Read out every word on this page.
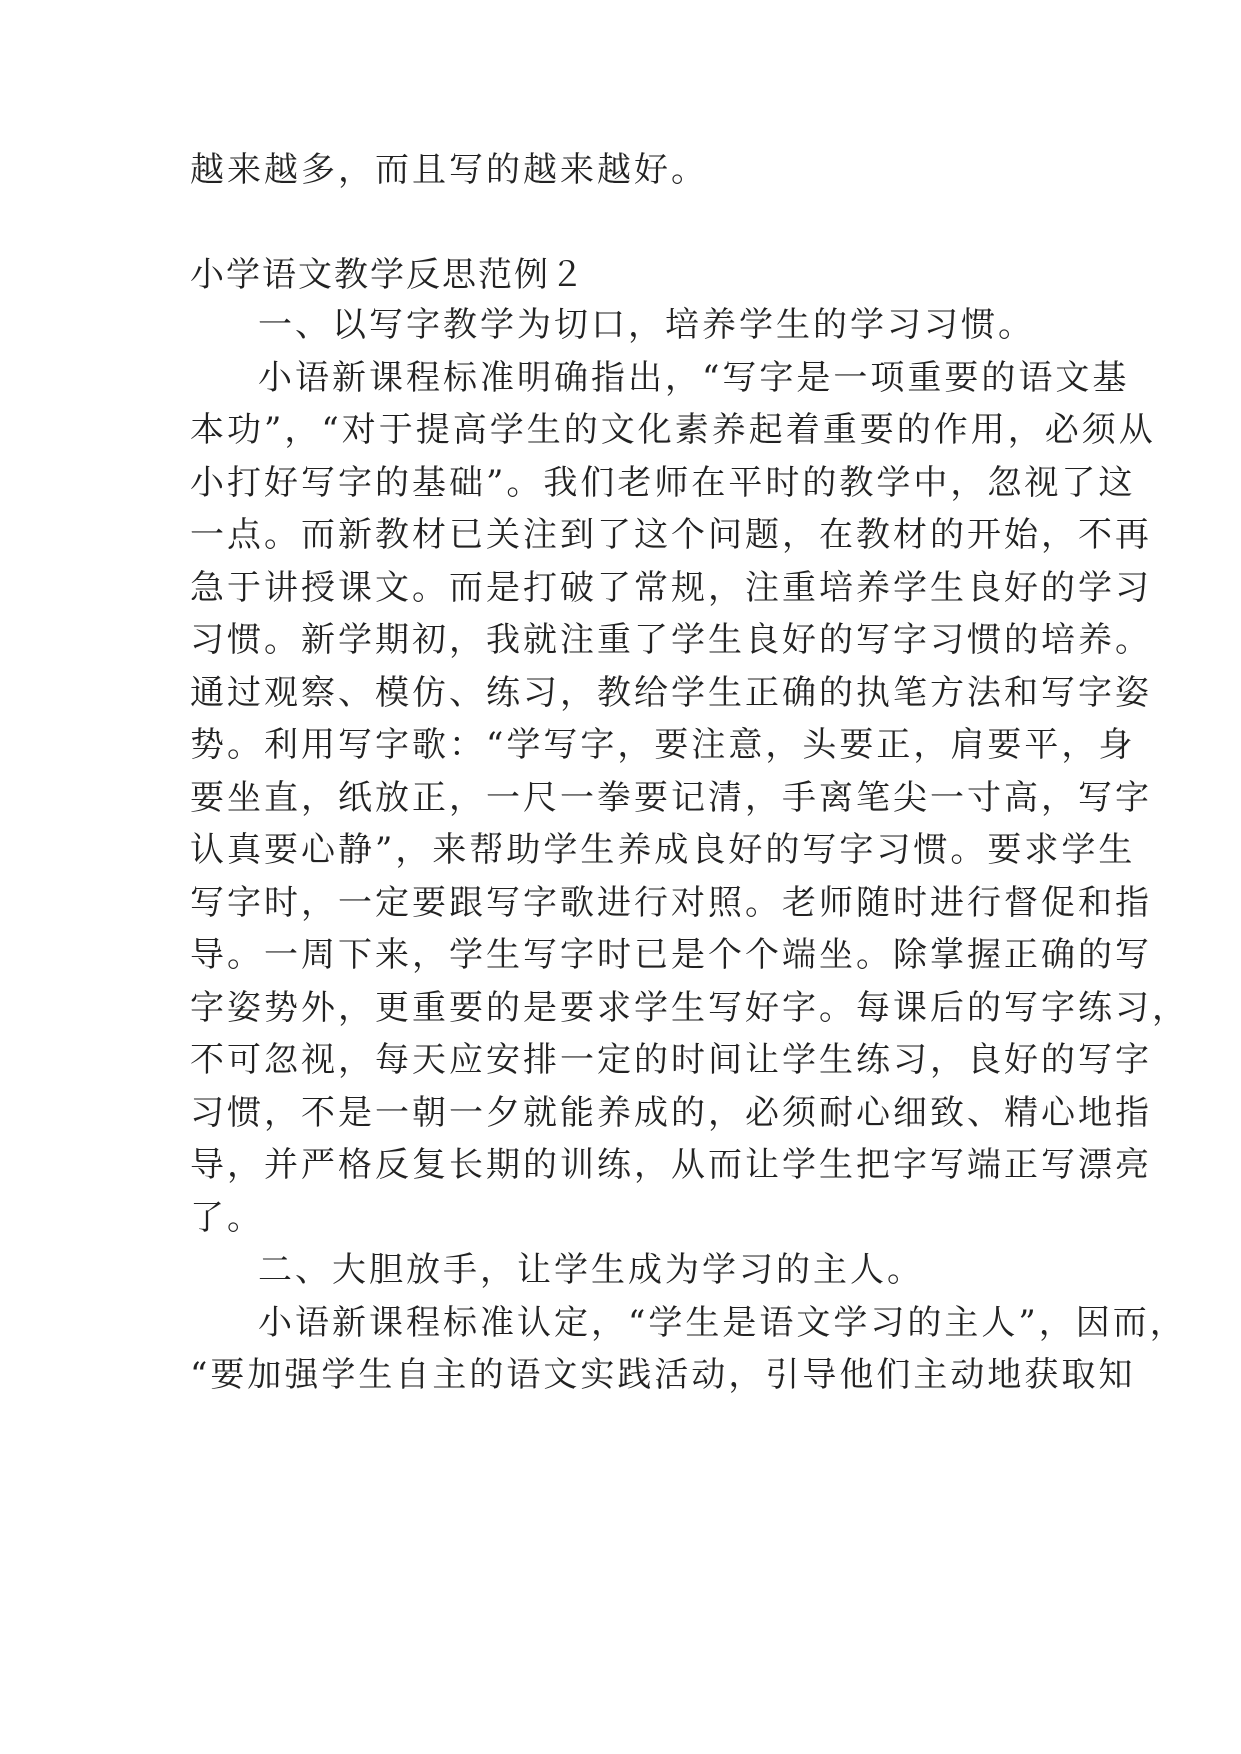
越来越多，而且写的越来越好。
小学语文教学反思范例２
一、以写字教学为切口，培养学生的学习习惯。
小语新课程标准明确指出，“写字是一项重要的语文基
本功”，“对于提高学生的文化素养起着重要的作用，必须从
小打好写字的基础”。我们老师在平时的教学中，忽视了这
一点。而新教材已关注到了这个问题，在教材的开始，不再
急于讲授课文。而是打破了常规，注重培养学生良好的学习
习惯。新学期初，我就注重了学生良好的写字习惯的培养。
通过观察、模仿、练习，教给学生正确的执笔方法和写字姿
势。利用写字歌：“学写字，要注意，头要正，肩要平，身
要坐直，纸放正，一尺一拳要记清，手离笔尖一寸高，写字
认真要心静”，来帮助学生养成良好的写字习惯。要求学生
写字时，一定要跟写字歌进行对照。老师随时进行督促和指
导。一周下来，学生写字时已是个个端坐。除掌握正确的写
字姿势外，更重要的是要求学生写好字。每课后的写字练习，
不可忽视，每天应安排一定的时间让学生练习，良好的写字
习惯，不是一朝一夕就能养成的，必须耐心细致、精心地指
导，并严格反复长期的训练，从而让学生把字写端正写漂亮
了。
二、大胆放手，让学生成为学习的主人。
小语新课程标准认定，“学生是语文学习的主人”，因而，
“要加强学生自主的语文实践活动，引导他们主动地获取知
